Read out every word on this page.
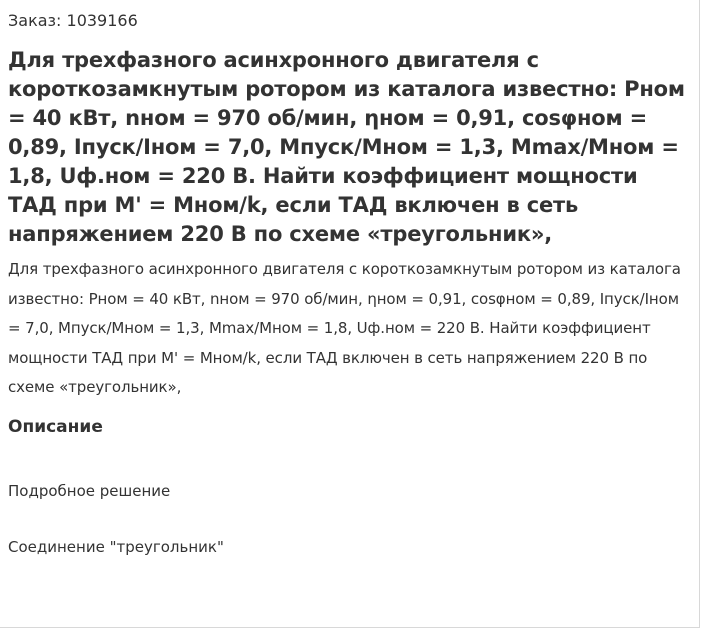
Заказ: 1039166

Для трехфазного асинхронного двигателя с короткозамкнутым ротором из каталога известно: Pном = 40 кВт, nном = 970 об/мин, ηном = 0,91, cosφном = 0,89, Iпуск/Iном = 7,0, Мпуск/Мном = 1,3, Мmax/Мном = 1,8, Uф.ном = 220 В. Найти коэффициент мощности ТАД при М' = Мном/k, если ТАД включен в сеть напряжением 220 В по схеме «треугольник»,

Для трехфазного асинхронного двигателя с короткозамкнутым ротором из каталога известно: Pном = 40 кВт, nном = 970 об/мин, ηном = 0,91, cosφном = 0,89, Iпуск/Iном = 7,0, Мпуск/Мном = 1,3, Мmax/Мном = 1,8, Uф.ном = 220 В. Найти коэффициент мощности ТАД при М' = Мном/k, если ТАД включен в сеть напряжением 220 В по схеме «треугольник»,

Описание

Подробное решение

Соединение "треугольник"
